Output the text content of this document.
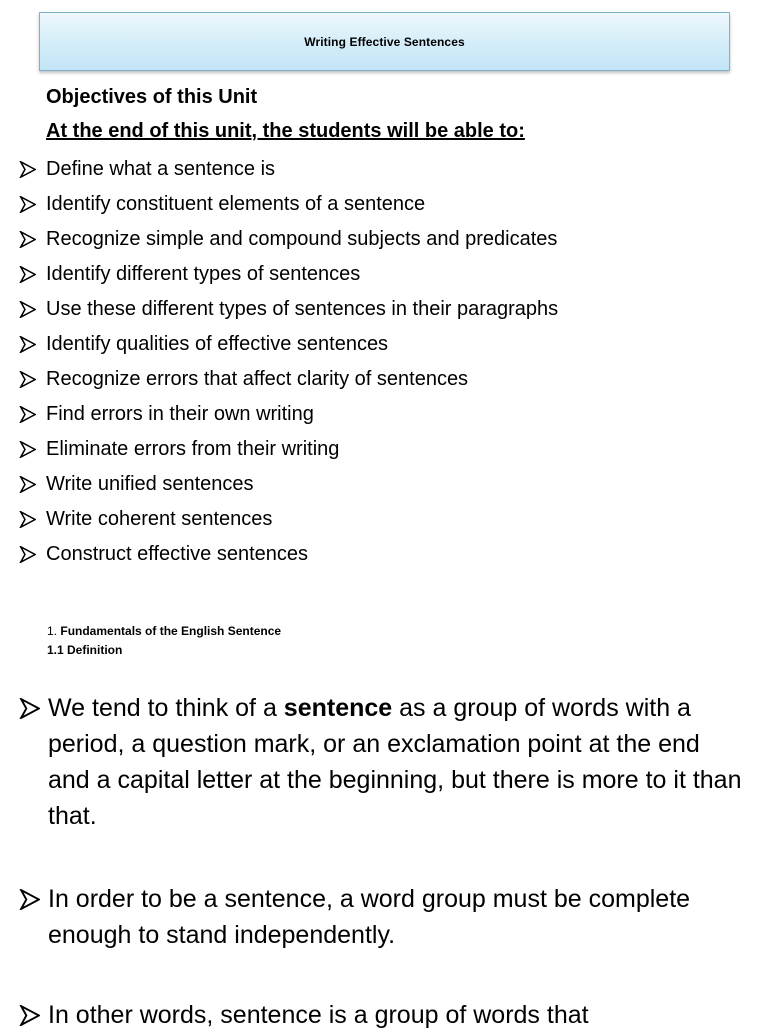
Writing Effective Sentences
Objectives of this Unit
At the end of this unit, the students will be able to:
Define what a sentence is
Identify constituent elements of a sentence
Recognize simple and compound subjects and predicates
Identify different types of sentences
Use these different types of sentences in their paragraphs
Identify qualities of effective sentences
Recognize errors that affect clarity of sentences
Find errors in their own writing
Eliminate errors from their writing
Write unified sentences
Write coherent sentences
Construct effective sentences
1. Fundamentals of the English Sentence
1.1 Definition
We tend to think of a sentence as a group of words with a period, a question mark, or an exclamation point at the end and a capital letter at the beginning, but there is more to it than that.
In order to be a sentence, a word group must be complete enough to stand independently.
In other words, sentence is a group of words that
